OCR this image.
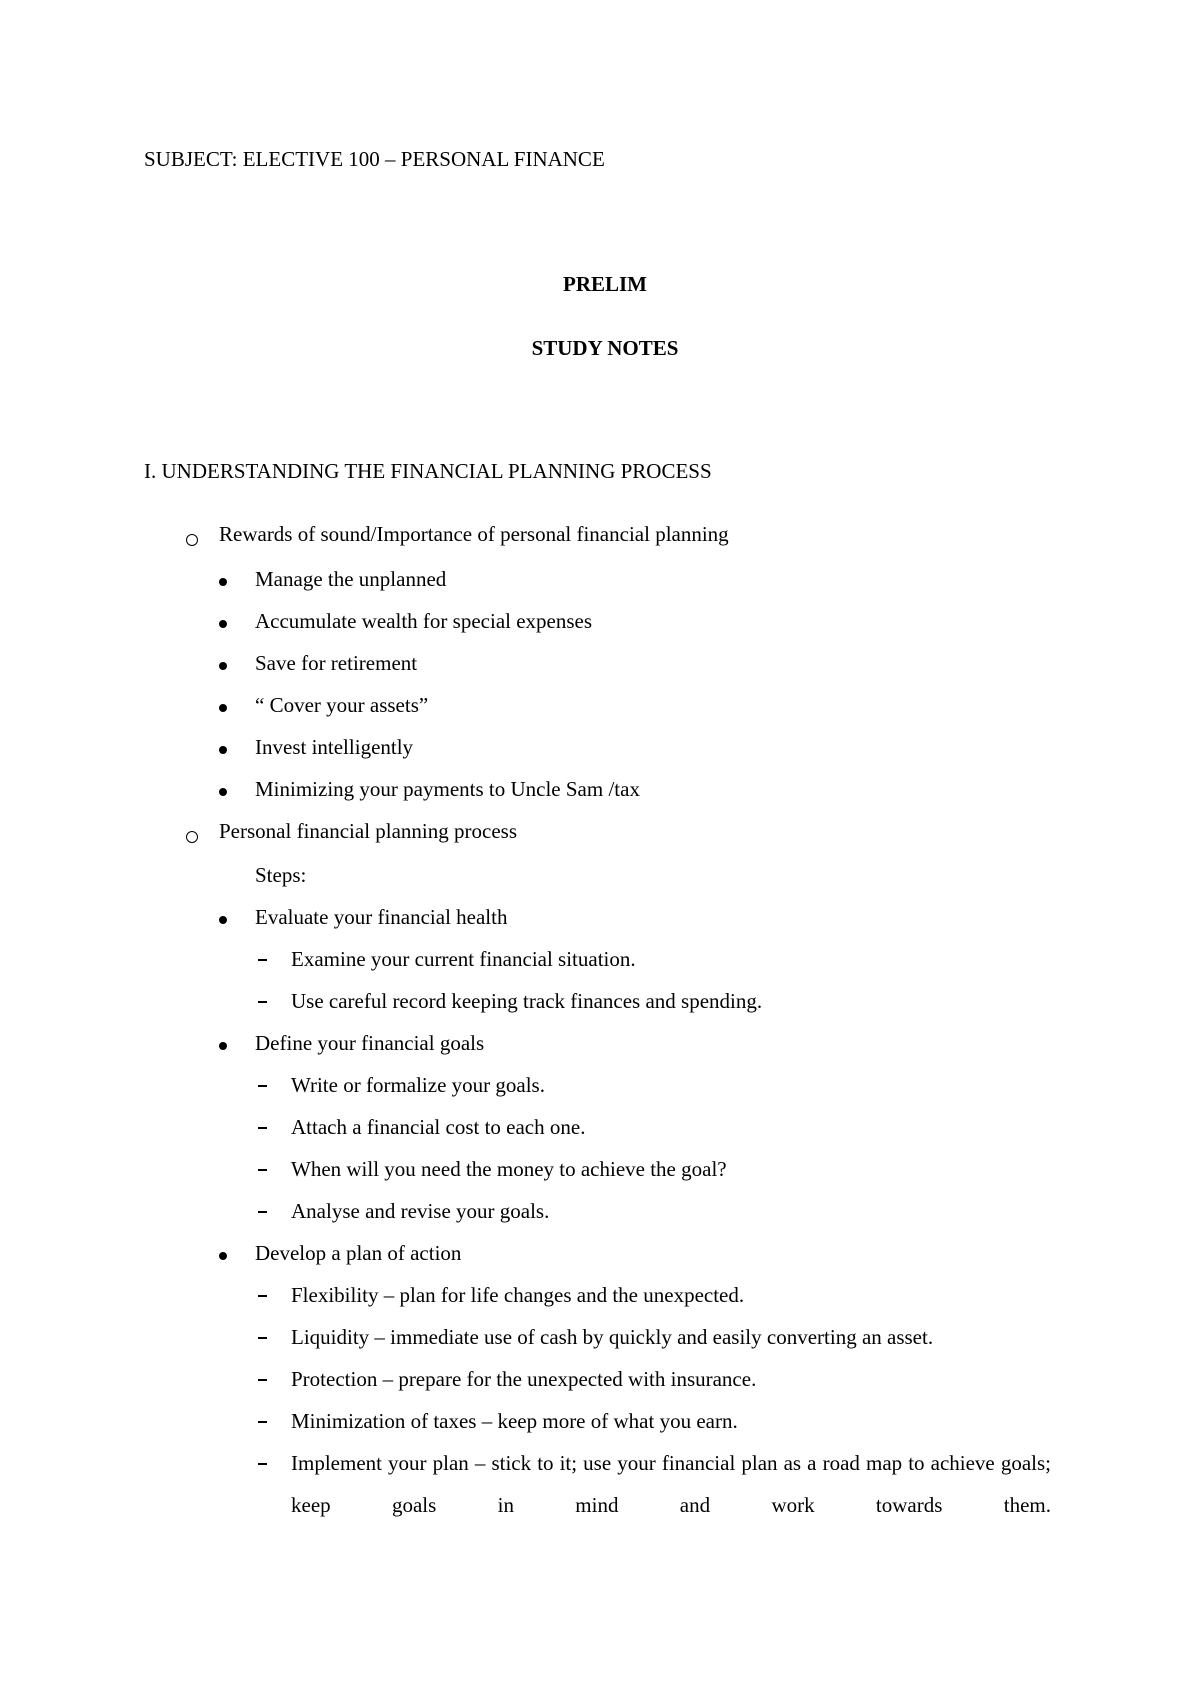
SUBJECT: ELECTIVE 100 – PERSONAL FINANCE
PRELIM
STUDY NOTES
I. UNDERSTANDING THE FINANCIAL PLANNING PROCESS
Rewards of sound/Importance of personal financial planning
Manage the unplanned
Accumulate wealth for special expenses
Save for retirement
“ Cover your assets”
Invest intelligently
Minimizing your payments to Uncle Sam /tax
Personal financial planning process
Steps:
Evaluate your financial health
Examine your current financial situation.
Use careful record keeping track finances and spending.
Define your financial goals
Write or formalize your goals.
Attach a financial cost to each one.
When will you need the money to achieve the goal?
Analyse and revise your goals.
Develop a plan of action
Flexibility – plan for life changes and the unexpected.
Liquidity – immediate use of cash by quickly and easily converting an asset.
Protection – prepare for the unexpected with insurance.
Minimization of taxes – keep more of what you earn.
Implement your plan – stick to it; use your financial plan as a road map to achieve goals; keep goals in mind and work towards them.
